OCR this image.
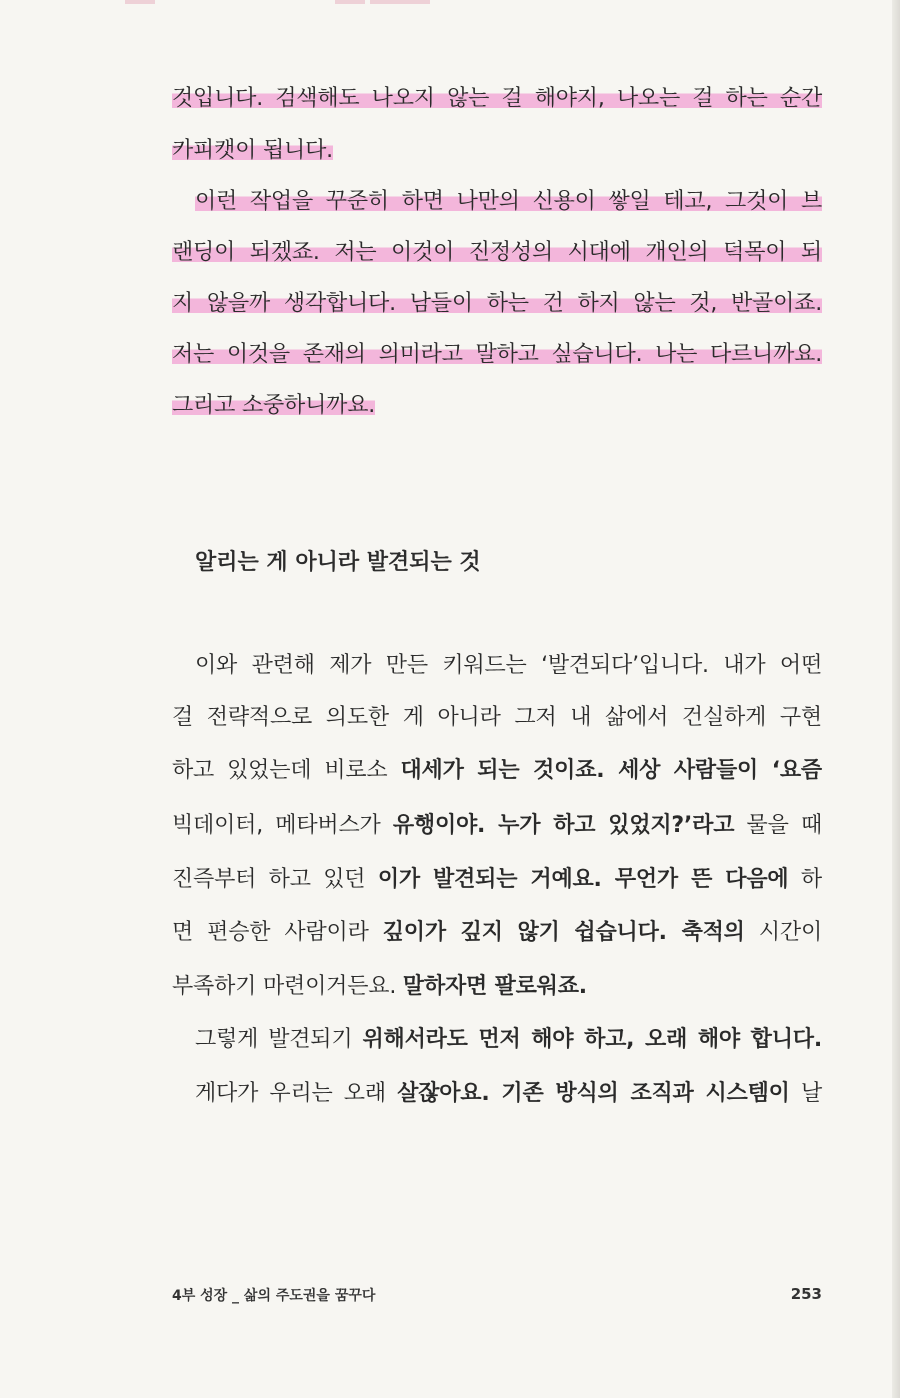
것입니다. 검색해도 나오지 않는 걸 해야지, 나오는 걸 하는 순간
카피캣이 됩니다.
이런 작업을 꾸준히 하면 나만의 신용이 쌓일 테고, 그것이 브
랜딩이 되겠죠. 저는 이것이 진정성의 시대에 개인의 덕목이 되
지 않을까 생각합니다. 남들이 하는 건 하지 않는 것, 반골이죠.
저는 이것을 존재의 의미라고 말하고 싶습니다. 나는 다르니까요.
그리고 소중하니까요.
알리는 게 아니라 발견되는 것
이와 관련해 제가 만든 키워드는 ‘발견되다’입니다. 내가 어떤
걸 전략적으로 의도한 게 아니라 그저 내 삶에서 건실하게 구현
하고 있었는데 비로소 대세가 되는 것이죠. 세상 사람들이 ‘요즘
빅데이터, 메타버스가 유행이야. 누가 하고 있었지?’라고 물을 때
진즉부터 하고 있던 이가 발견되는 거예요. 무언가 뜬 다음에 하
면 편승한 사람이라 깊이가 깊지 않기 쉽습니다. 축적의 시간이
부족하기 마련이거든요. 말하자면 팔로워죠.
그렇게 발견되기 위해서라도 먼저 해야 하고, 오래 해야 합니다.
게다가 우리는 오래 살잖아요. 기존 방식의 조직과 시스템이 날
4부 성장 _ 삶의 주도권을 꿈꾸다	253
